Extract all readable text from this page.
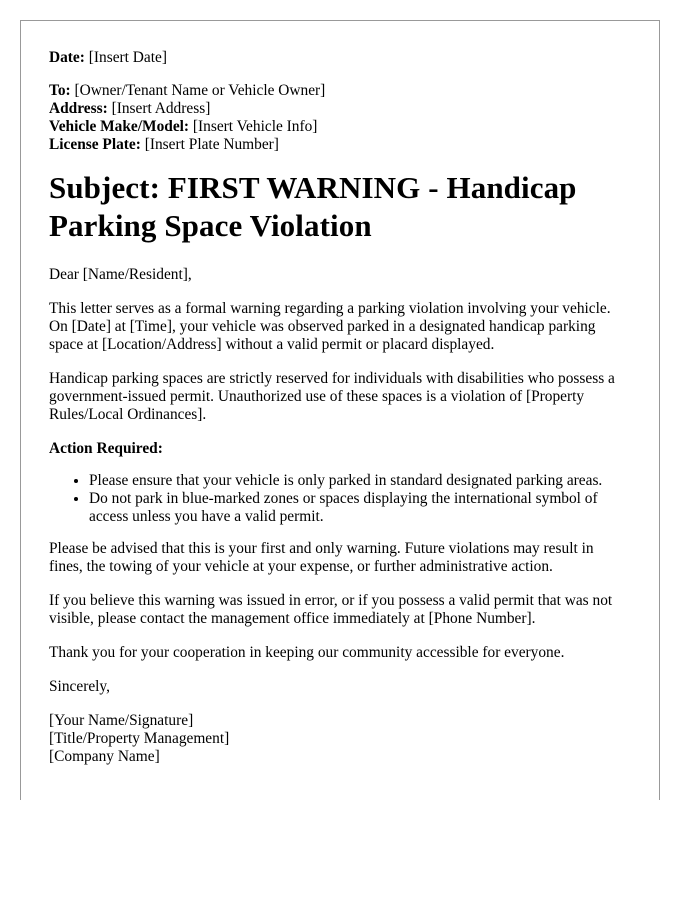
Date: [Insert Date]

To: [Owner/Tenant Name or Vehicle Owner]

Address: [Insert Address]

Vehicle Make/Model: [Insert Vehicle Info]

License Plate: [Insert Plate Number]

Subject: FIRST WARNING - Handicap Parking Space Violation

Dear [Name/Resident],

This letter serves as a formal warning regarding a parking violation involving your vehicle. On [Date] at [Time], your vehicle was observed parked in a designated handicap parking space at [Location/Address] without a valid permit or placard displayed.

Handicap parking spaces are strictly reserved for individuals with disabilities who possess a government-issued permit. Unauthorized use of these spaces is a violation of [Property Rules/Local Ordinances].

Action Required:

• Please ensure that your vehicle is only parked in standard designated parking areas.
• Do not park in blue-marked zones or spaces displaying the international symbol of access unless you have a valid permit.

Please be advised that this is your first and only warning. Future violations may result in fines, the towing of your vehicle at your expense, or further administrative action.

If you believe this warning was issued in error, or if you possess a valid permit that was not visible, please contact the management office immediately at [Phone Number].

Thank you for your cooperation in keeping our community accessible for everyone.

Sincerely,

[Your Name/Signature]

[Title/Property Management]

[Company Name]
